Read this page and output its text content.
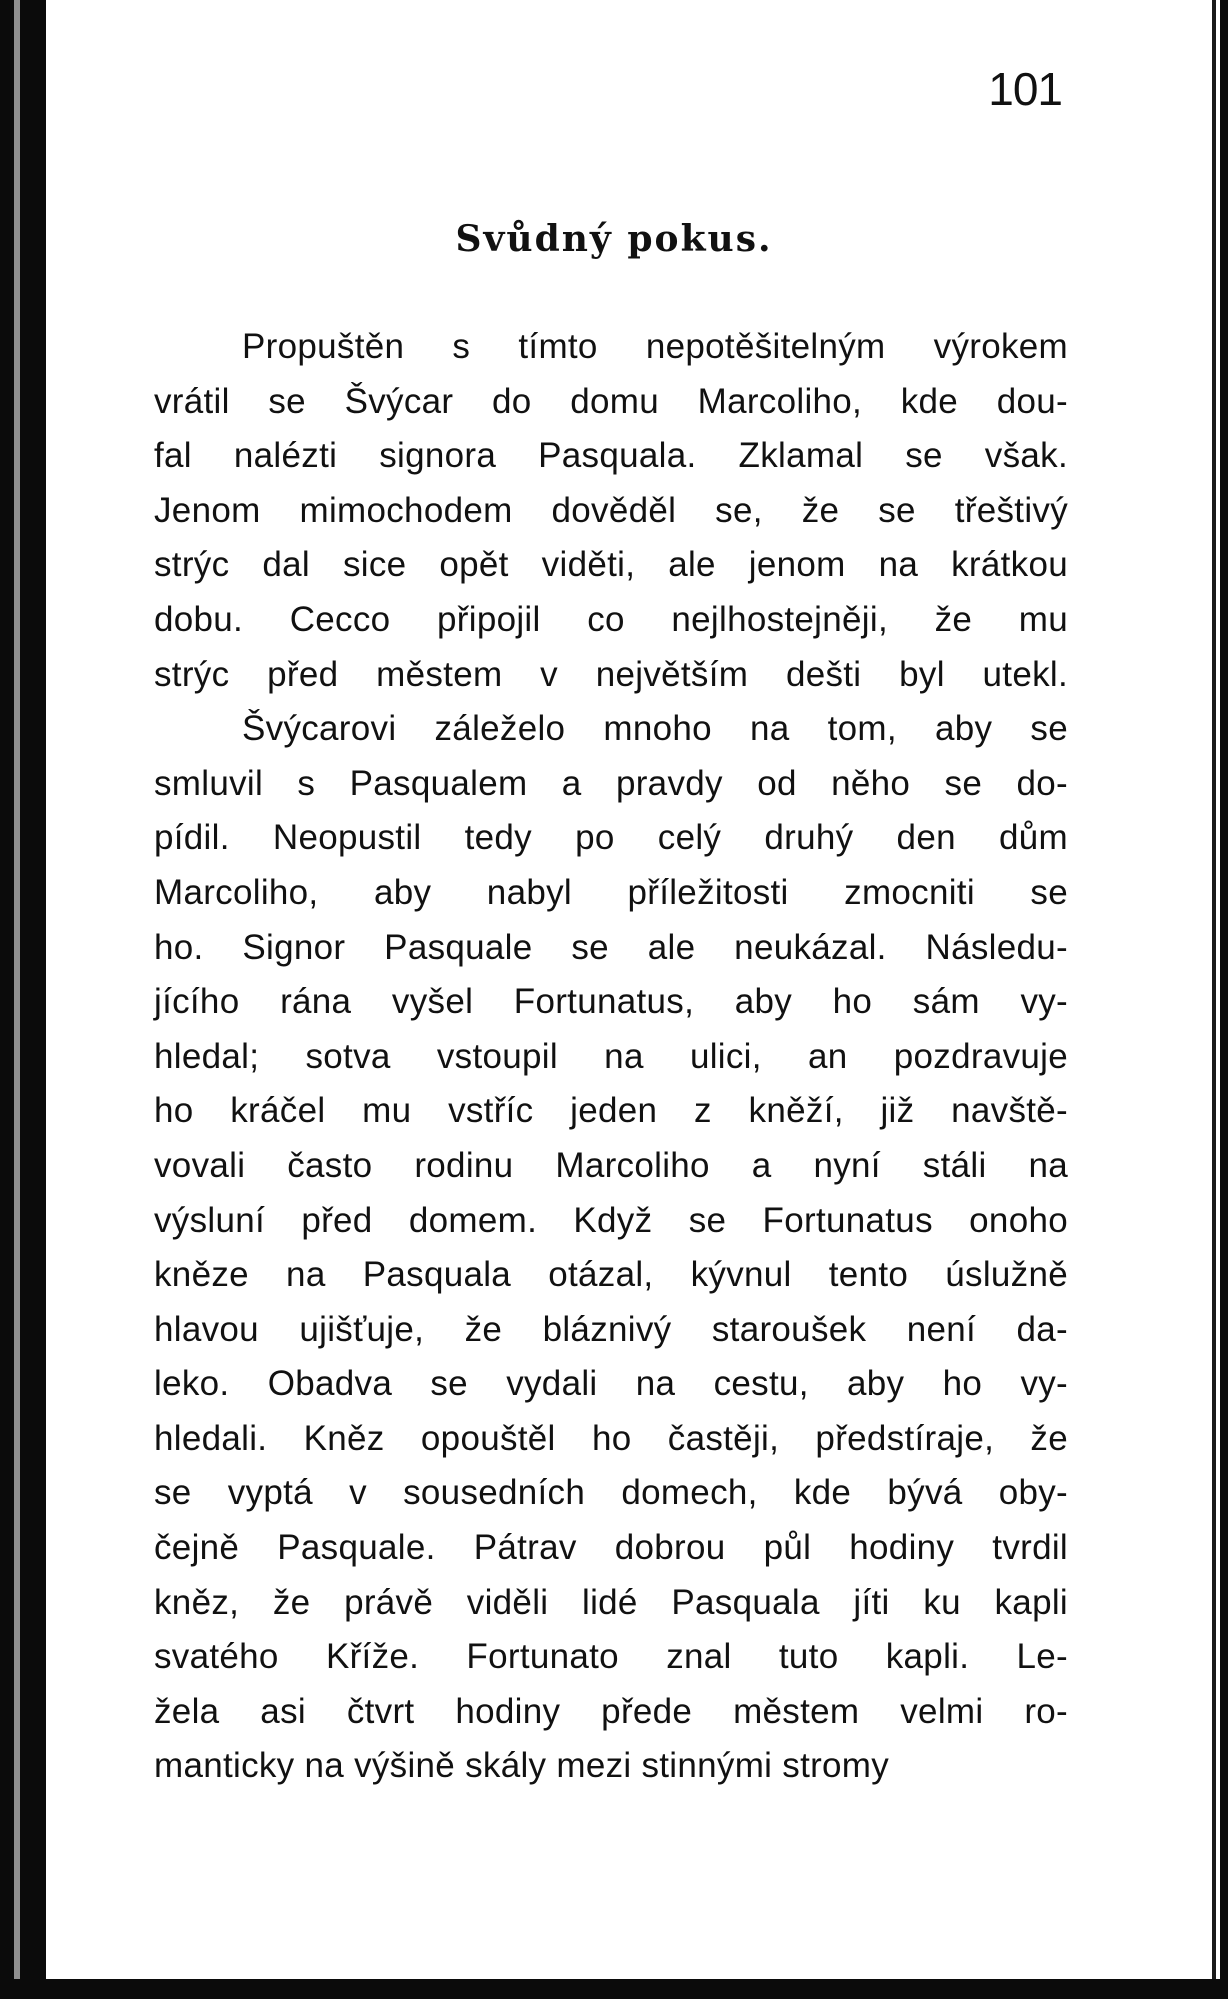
101
Svůdný pokus.
Propuštěn s tímto nepotěšitelným výrokem
vrátil se Švýcar do domu Marcoliho, kde dou-
fal nalézti signora Pasquala. Zklamal se však.
Jenom mimochodem dověděl se, že se třeštivý
strýc dal sice opět viděti, ale jenom na krátkou
dobu. Cecco připojil co nejlhostejněji, že mu
strýc před městem v největším dešti byl utekl.
Švýcarovi záleželo mnoho na tom, aby se
smluvil s Pasqualem a pravdy od něho se do-
pídil. Neopustil tedy po celý druhý den dům
Marcoliho, aby nabyl příležitosti zmocniti se
ho. Signor Pasquale se ale neukázal. Následu-
jícího rána vyšel Fortunatus, aby ho sám vy-
hledal; sotva vstoupil na ulici, an pozdravuje
ho kráčel mu vstříc jeden z kněží, již navště-
vovali často rodinu Marcoliho a nyní stáli na
výsluní před domem. Když se Fortunatus onoho
kněze na Pasquala otázal, kývnul tento úslužně
hlavou ujišťuje, že bláznivý staroušek není da-
leko. Obadva se vydali na cestu, aby ho vy-
hledali. Kněz opouštěl ho častěji, předstíraje, že
se vyptá v sousedních domech, kde bývá oby-
čejně Pasquale. Pátrav dobrou půl hodiny tvrdil
kněz, že právě viděli lidé Pasquala jíti ku kapli
svatého Kříže. Fortunato znal tuto kapli. Le-
žela asi čtvrt hodiny přede městem velmi ro-
manticky na výšině skály mezi stinnými stromy
